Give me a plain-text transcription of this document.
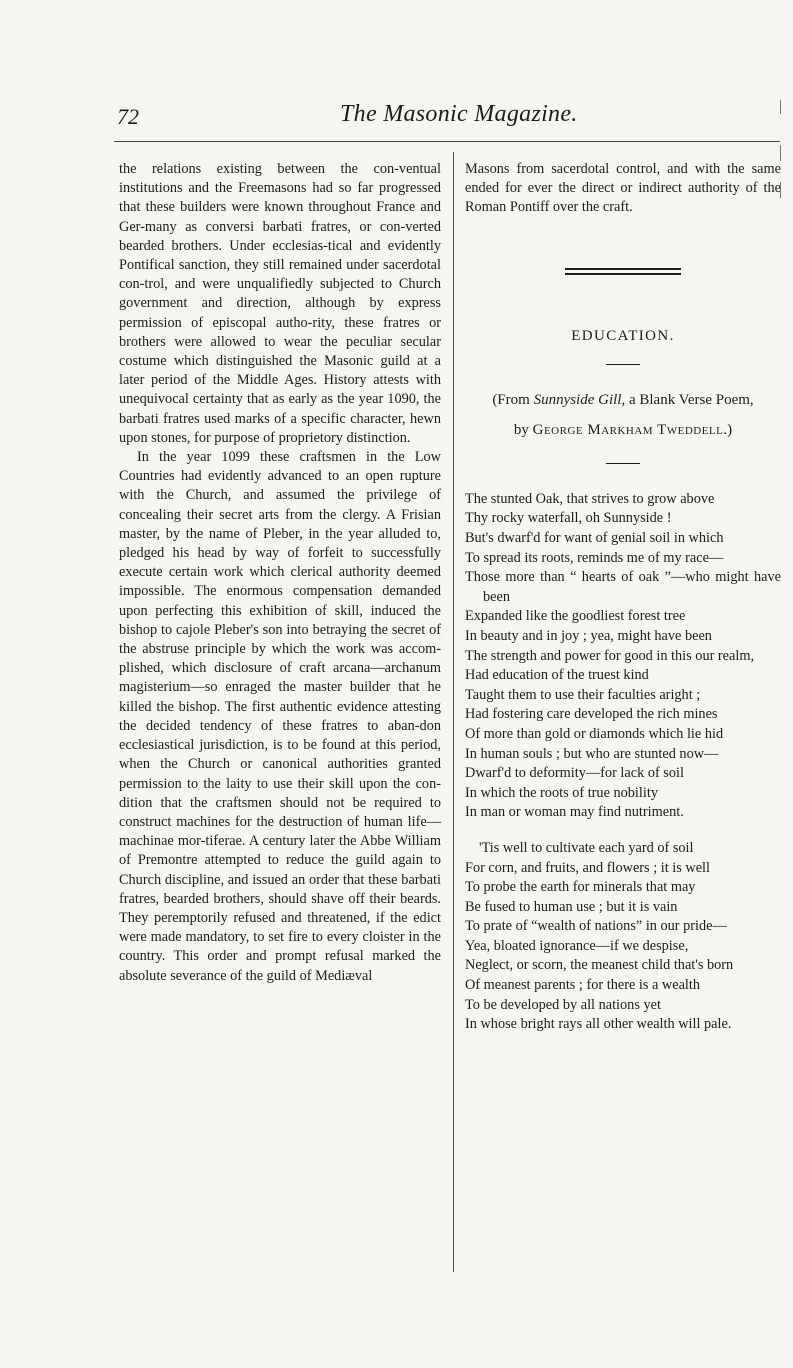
72	The Masonic Magazine.

the relations existing between the con-ventual institutions and the Freemasons had so far progressed that these builders were known throughout France and Ger-many as conversi barbati fratres, or con-verted bearded brothers. Under ecclesias-tical and evidently Pontifical sanction, they still remained under sacerdotal con-trol, and were unqualifiedly subjected to Church government and direction, although by express permission of episcopal autho-rity, these fratres or brothers were allowed to wear the peculiar secular costume which distinguished the Masonic guild at a later period of the Middle Ages. History attests with unequivocal certainty that as early as the year 1090, the barbati fratres used marks of a specific character, hewn upon stones, for purpose of proprietory distinction.

In the year 1099 these craftsmen in the Low Countries had evidently advanced to an open rupture with the Church, and assumed the privilege of concealing their secret arts from the clergy. A Frisian master, by the name of Pleber, in the year alluded to, pledged his head by way of forfeit to successfully execute certain work which clerical authority deemed impossible. The enormous compensation demanded upon perfecting this exhibition of skill, induced the bishop to cajole Pleber's son into betraying the secret of the abstruse principle by which the work was accom-plished, which disclosure of craft arcana—archanum magisterium—so enraged the master builder that he killed the bishop. The first authentic evidence attesting the decided tendency of these fratres to aban-don ecclesiastical jurisdiction, is to be found at this period, when the Church or canonical authorities granted permission to the laity to use their skill upon the con-dition that the craftsmen should not be required to construct machines for the destruction of human life—machinae mor-tiferae. A century later the Abbe William of Premontre attempted to reduce the guild again to Church discipline, and issued an order that these barbati fratres, bearded brothers, should shave off their beards. They peremptorily refused and threatened, if the edict were made mandatory, to set fire to every cloister in the country. This order and prompt refusal marked the absolute severance of the guild of Mediæval

Masons from sacerdotal control, and with the same ended for ever the direct or indirect authority of the Roman Pontiff over the craft.

EDUCATION.
(From Sunnyside Gill, a Blank Verse Poem,
by George Markham Tweddell.)

The stunted Oak, that strives to grow above

Thy rocky waterfall, oh Sunnyside !

But's dwarf'd for want of genial soil in which

To spread its roots, reminds me of my race—

Those more than “ hearts of oak ”—who might have been

Expanded like the goodliest forest tree

In beauty and in joy ; yea, might have been

The strength and power for good in this our realm,

Had education of the truest kind

Taught them to use their faculties aright ;

Had fostering care developed the rich mines

Of more than gold or diamonds which lie hid

In human souls ; but who are stunted now—

Dwarf'd to deformity—for lack of soil

In which the roots of true nobility

In man or woman may find nutriment.

'Tis well to cultivate each yard of soil

For corn, and fruits, and flowers ; it is well

To probe the earth for minerals that may

Be fused to human use ; but it is vain

To prate of “wealth of nations” in our pride—

Yea, bloated ignorance—if we despise,

Neglect, or scorn, the meanest child that's born

Of meanest parents ; for there is a wealth

To be developed by all nations yet

In whose bright rays all other wealth will pale.
